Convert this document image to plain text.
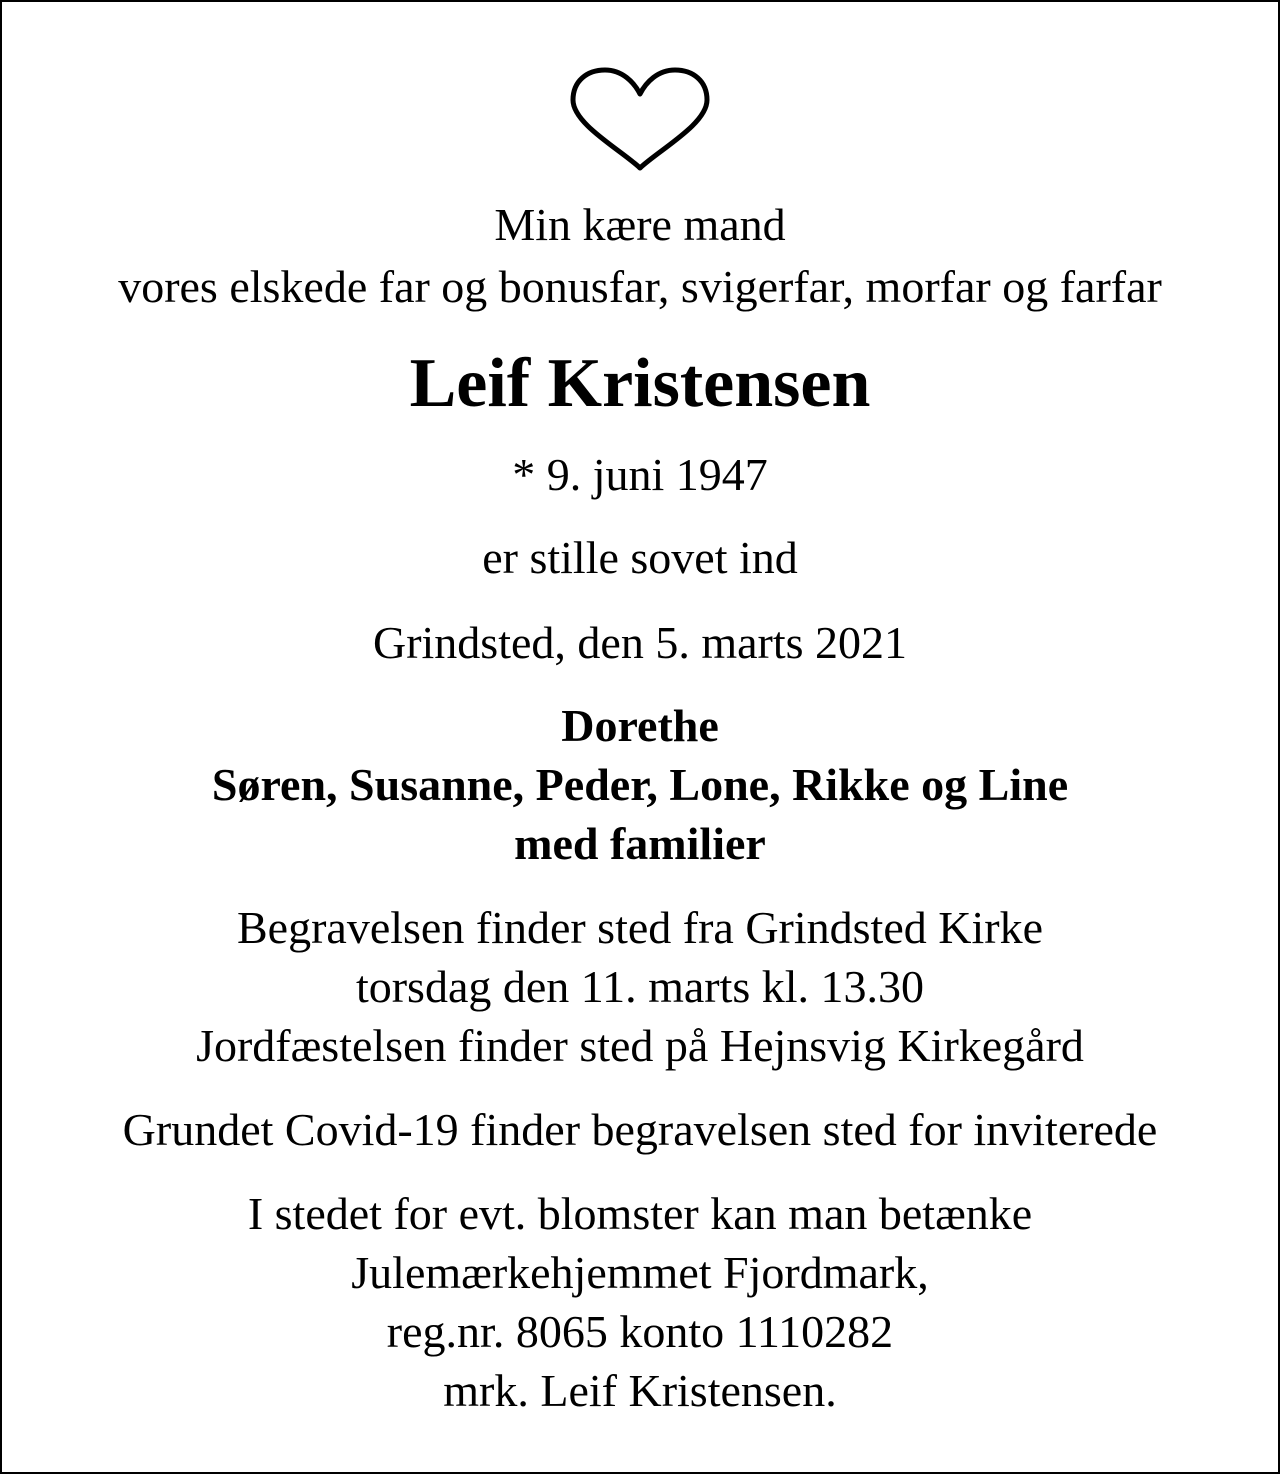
Min kære mand
vores elskede far og bonusfar, svigerfar, morfar og farfar
Leif Kristensen
* 9. juni 1947
er stille sovet ind
Grindsted, den 5. marts 2021
Dorethe
Søren, Susanne, Peder, Lone, Rikke og Line
med familier
Begravelsen finder sted fra Grindsted Kirke
torsdag den 11. marts kl. 13.30
Jordfæstelsen finder sted på Hejnsvig Kirkegård
Grundet Covid-19 finder begravelsen sted for inviterede
I stedet for evt. blomster kan man betænke
Julemærkehjemmet Fjordmark,
reg.nr. 8065 konto 1110282
mrk. Leif Kristensen.
